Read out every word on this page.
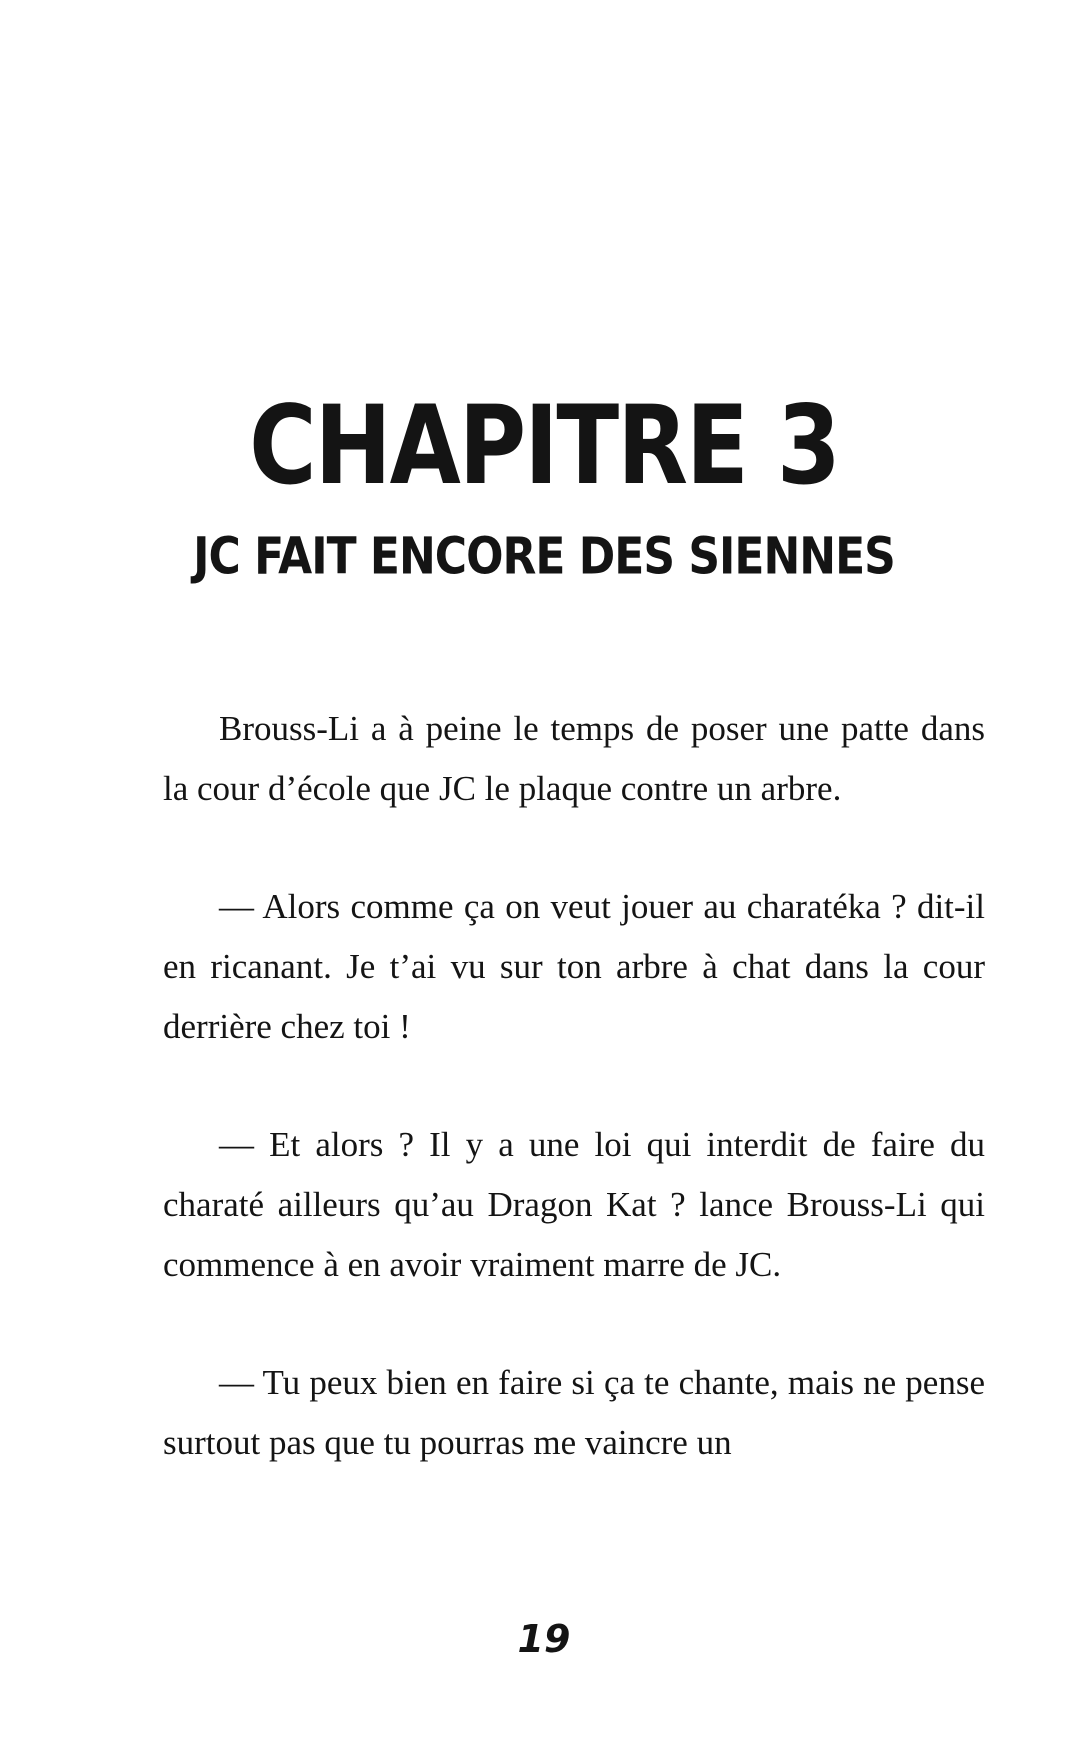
CHAPITRE 3
JC FAIT ENCORE DES SIENNES

Brouss-Li a à peine le temps de poser une patte dans la cour d’école que JC le plaque contre un arbre.

— Alors comme ça on veut jouer au charatéka ? dit-il en ricanant. Je t’ai vu sur ton arbre à chat dans la cour derrière chez toi !

— Et alors ? Il y a une loi qui interdit de faire du charaté ailleurs qu’au Dragon Kat ? lance Brouss-Li qui commence à en avoir vraiment marre de JC.

— Tu peux bien en faire si ça te chante, mais ne pense surtout pas que tu pourras me vaincre un

19
